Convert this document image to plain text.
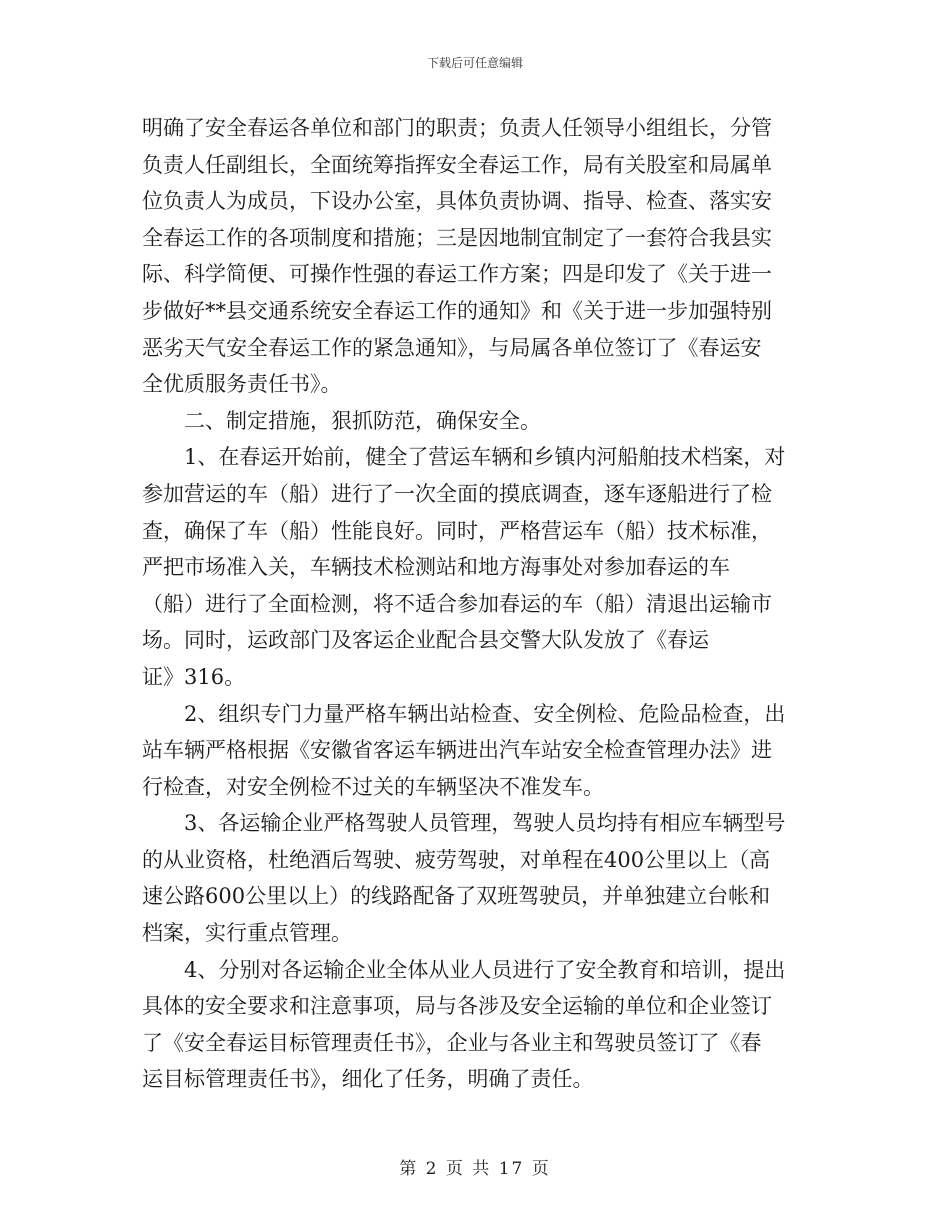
下载后可任意编辑
明确了安全春运各单位和部门的职责；负责人任领导小组组长，分管
负责人任副组长，全面统筹指挥安全春运工作，局有关股室和局属单
位负责人为成员，下设办公室，具体负责协调、指导、检查、落实安
全春运工作的各项制度和措施；三是因地制宜制定了一套符合我县实
际、科学简便、可操作性强的春运工作方案；四是印发了《关于进一
步做好**县交通系统安全春运工作的通知》和《关于进一步加强特别
恶劣天气安全春运工作的紧急通知》，与局属各单位签订了《春运安
全优质服务责任书》。
二、制定措施，狠抓防范，确保安全。
1、在春运开始前，健全了营运车辆和乡镇内河船舶技术档案，对
参加营运的车（船）进行了一次全面的摸底调查，逐车逐船进行了检
查，确保了车（船）性能良好。同时，严格营运车（船）技术标准，
严把市场准入关，车辆技术检测站和地方海事处对参加春运的车
（船）进行了全面检测，将不适合参加春运的车（船）清退出运输市
场。同时，运政部门及客运企业配合县交警大队发放了《春运
证》316。
2、组织专门力量严格车辆出站检查、安全例检、危险品检查，出
站车辆严格根据《安徽省客运车辆进出汽车站安全检查管理办法》进
行检查，对安全例检不过关的车辆坚决不准发车。
3、各运输企业严格驾驶人员管理，驾驶人员均持有相应车辆型号
的从业资格，杜绝酒后驾驶、疲劳驾驶，对单程在400公里以上（高
速公路600公里以上）的线路配备了双班驾驶员，并单独建立台帐和
档案，实行重点管理。
4、分别对各运输企业全体从业人员进行了安全教育和培训，提出
具体的安全要求和注意事项，局与各涉及安全运输的单位和企业签订
了《安全春运目标管理责任书》，企业与各业主和驾驶员签订了《春
运目标管理责任书》，细化了任务，明确了责任。
第 2 页 共 17 页
